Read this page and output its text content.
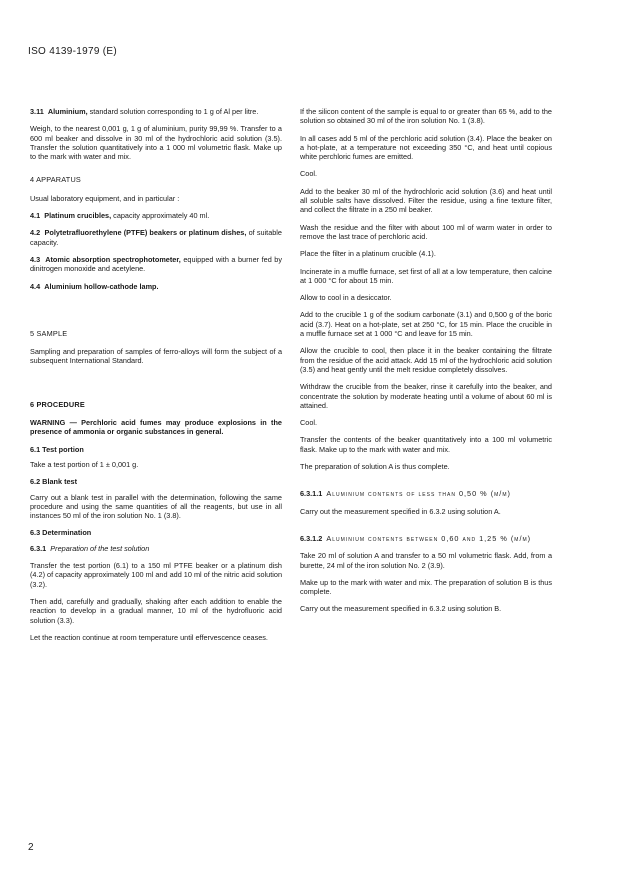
ISO 4139-1979 (E)

3.11 Aluminium, standard solution corresponding to 1 g of Al per litre.

Weigh, to the nearest 0,001 g, 1 g of aluminium, purity 99,99 %. Transfer to a 600 ml beaker and dissolve in 30 ml of the hydrochloric acid solution (3.5). Transfer the solution quantitatively into a 1 000 ml volumetric flask. Make up to the mark with water and mix.

4 APPARATUS

Usual laboratory equipment, and in particular :

4.1 Platinum crucibles, capacity approximately 40 ml.

4.2 Polytetrafluorethylene (PTFE) beakers or platinum dishes, of suitable capacity.

4.3 Atomic absorption spectrophotometer, equipped with a burner fed by dinitrogen monoxide and acetylene.

4.4 Aluminium hollow-cathode lamp.

5 SAMPLE

Sampling and preparation of samples of ferro-alloys will form the subject of a subsequent International Standard.

6 PROCEDURE

WARNING — Perchloric acid fumes may produce explosions in the presence of ammonia or organic substances in general.

6.1 Test portion

Take a test portion of 1 ± 0,001 g.

6.2 Blank test

Carry out a blank test in parallel with the determination, following the same procedure and using the same quantities of all the reagents, but use in all instances 50 ml of the iron solution No. 1 (3.8).

6.3 Determination

6.3.1 Preparation of the test solution

Transfer the test portion (6.1) to a 150 ml PTFE beaker or a platinum dish (4.2) of capacity approximately 100 ml and add 10 ml of the nitric acid solution (3.2).

Then add, carefully and gradually, shaking after each addition to enable the reaction to develop in a gradual manner, 10 ml of the hydrofluoric acid solution (3.3).

Let the reaction continue at room temperature until effervescence ceases.

If the silicon content of the sample is equal to or greater than 65 %, add to the solution so obtained 30 ml of the iron solution No. 1 (3.8).

In all cases add 5 ml of the perchloric acid solution (3.4). Place the beaker on a hot-plate, at a temperature not exceeding 350 °C, and heat until copious white perchloric fumes are emitted.

Cool.

Add to the beaker 30 ml of the hydrochloric acid solution (3.6) and heat until all soluble salts have dissolved. Filter the residue, using a fine texture filter, and collect the filtrate in a 250 ml beaker.

Wash the residue and the filter with about 100 ml of warm water in order to remove the last trace of perchloric acid.

Place the filter in a platinum crucible (4.1).

Incinerate in a muffle furnace, set first of all at a low temperature, then calcine at 1 000 °C for about 15 min.

Allow to cool in a desiccator.

Add to the crucible 1 g of the sodium carbonate (3.1) and 0,500 g of the boric acid (3.7). Heat on a hot-plate, set at 250 °C, for 15 min. Place the crucible in a muffle furnace set at 1 000 °C and leave for 15 min.

Allow the crucible to cool, then place it in the beaker containing the filtrate from the residue of the acid attack. Add 15 ml of the hydrochloric acid solution (3.5) and heat gently until the melt residue completely dissolves.

Withdraw the crucible from the beaker, rinse it carefully into the beaker, and concentrate the solution by moderate heating until a volume of about 60 ml is attained.

Cool.

Transfer the contents of the beaker quantitatively into a 100 ml volumetric flask. Make up to the mark with water and mix.

The preparation of solution A is thus complete.

6.3.1.1 Aluminium contents of less than 0,50 % (m/m)

Carry out the measurement specified in 6.3.2 using solution A.

6.3.1.2 Aluminium contents between 0,60 and 1,25 % (m/m)

Take 20 ml of solution A and transfer to a 50 ml volumetric flask. Add, from a burette, 24 ml of the iron solution No. 2 (3.9).

Make up to the mark with water and mix. The preparation of solution B is thus complete.

Carry out the measurement specified in 6.3.2 using solution B.

2
